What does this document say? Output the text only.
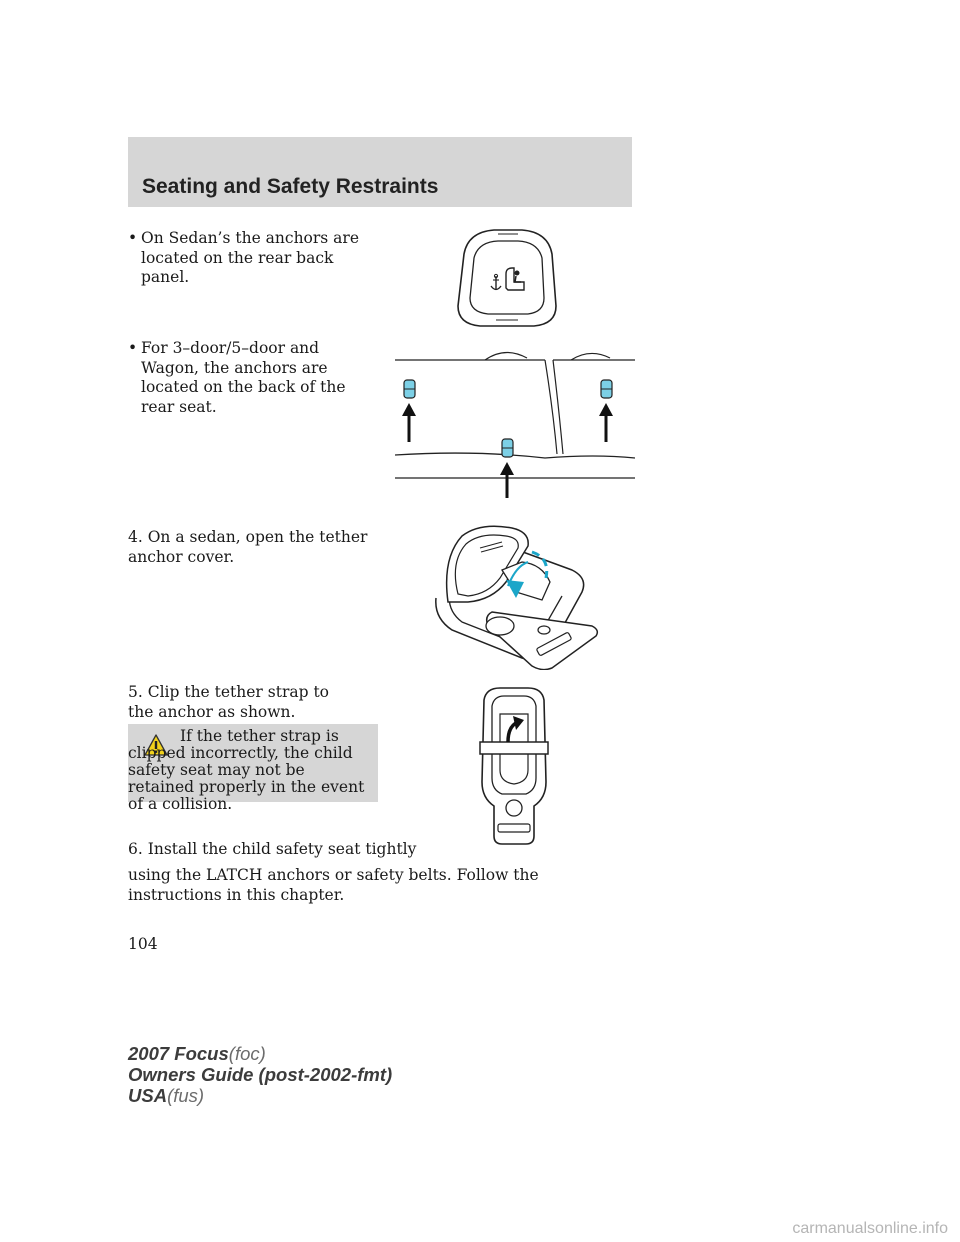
Seating and Safety Restraints
• On Sedan’s the anchors are located on the rear back panel.

• For 3–door/5–door and Wagon, the anchors are located on the back of the rear seat.

4. On a sedan, open the tether anchor cover.

5. Clip the tether strap to the anchor as shown.

If the tether strap is clipped incorrectly, the child safety seat may not be retained properly in the event of a collision.

6. Install the child safety seat tightly

using the LATCH anchors or safety belts. Follow the instructions in this chapter.

104

2007 Focus(foc)
Owners Guide (post-2002-fmt)
USA(fus)
carmanualsonline.info
